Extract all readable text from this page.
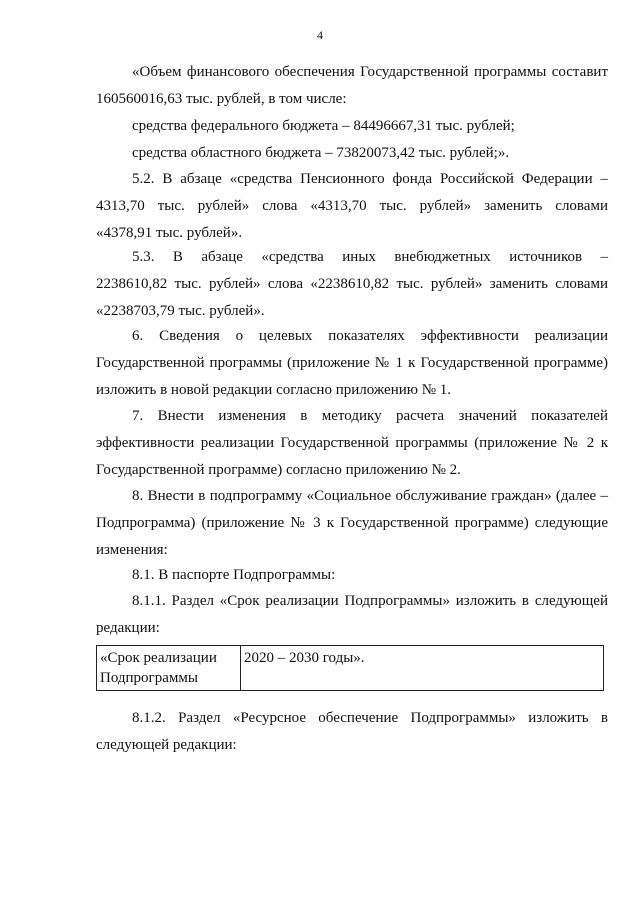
4

«Объем финансового обеспечения Государственной программы составит 160560016,63 тыс. рублей, в том числе:

средства федерального бюджета – 84496667,31 тыс. рублей;

средства областного бюджета – 73820073,42 тыс. рублей;».

5.2. В абзаце «средства Пенсионного фонда Российской Федерации –

4313,70 тыс. рублей» слова «4313,70 тыс. рублей» заменить словами

«4378,91 тыс. рублей».

5.3. В абзаце «средства иных внебюджетных источников –

2238610,82 тыс. рублей» слова «2238610,82 тыс. рублей» заменить словами

«2238703,79 тыс. рублей».

6. Сведения о целевых показателях эффективности реализации Государственной программы (приложение № 1 к Государственной программе) изложить в новой редакции согласно приложению № 1.

7. Внести изменения в методику расчета значений показателей эффективности реализации Государственной программы (приложение № 2 к Государственной программе) согласно приложению № 2.

8. Внести в подпрограмму «Социальное обслуживание граждан» (далее – Подпрограмма) (приложение № 3 к Государственной программе) следующие изменения:

8.1. В паспорте Подпрограммы:

8.1.1. Раздел «Срок реализации Подпрограммы» изложить в следующей редакции:

«Срок реализации Подпрограммы	2020 – 2030 годы».

8.1.2. Раздел «Ресурсное обеспечение Подпрограммы» изложить в следующей редакции:
